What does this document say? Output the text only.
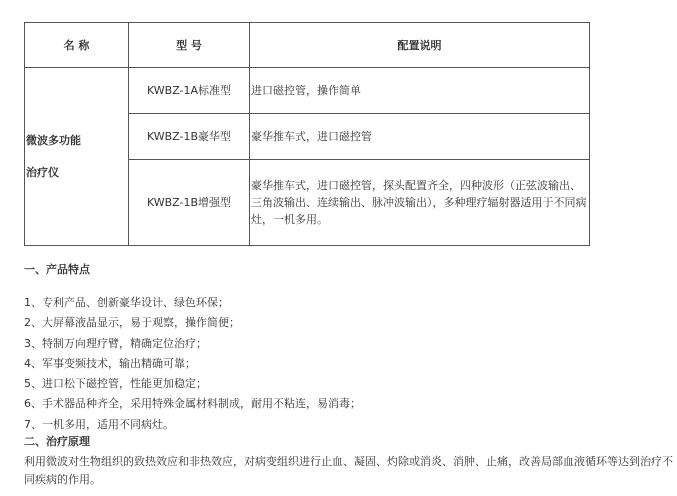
名 称	型 号	配置说明

微波多功能
治疗仪	KWBZ-1A标准型	进口磁控管，操作简单
	KWBZ-1B豪华型	豪华推车式，进口磁控管
	KWBZ-1B增强型	豪华推车式，进口磁控管，探头配置齐全，四种波形（正弦波输出、三角波输出、连续输出、脉冲波输出），多种理疗辐射器适用于不同病灶，一机多用。
一、产品特点
1、专利产品、创新豪华设计、绿色环保；
2、大屏幕液晶显示，易于观察，操作简便；
3、特制万向理疗臂，精确定位治疗；
4、军事变频技术，输出精确可靠；
5、进口松下磁控管，性能更加稳定；
6、手术器品种齐全，采用特殊金属材料制成，耐用不粘连，易消毒；
7、一机多用，适用不同病灶。
二、治疗原理

利用微波对生物组织的致热效应和非热效应，对病变组织进行止血、凝固、灼除或消炎、消肿、止痛，改善局部血液循环等达到治疗不同疾病的作用。
